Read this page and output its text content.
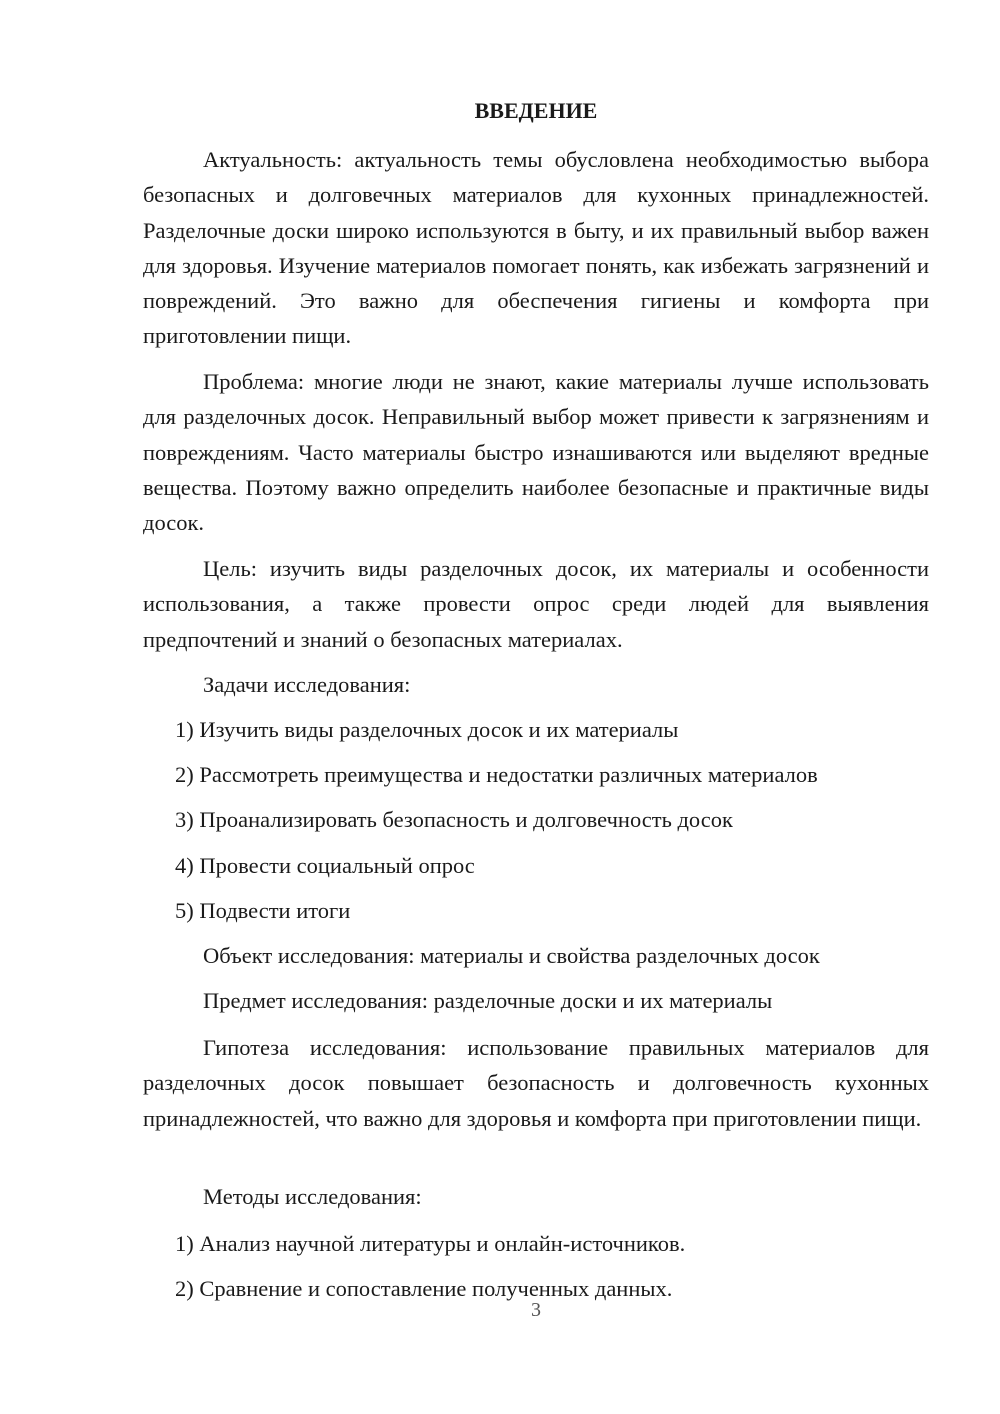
ВВЕДЕНИЕ

Актуальность: актуальность темы обусловлена необходимостью выбора безопасных и долговечных материалов для кухонных принадлежностей. Разделочные доски широко используются в быту, и их правильный выбор важен для здоровья. Изучение материалов помогает понять, как избежать загрязнений и повреждений. Это важно для обеспечения гигиены и комфорта при приготовлении пищи.

Проблема: многие люди не знают, какие материалы лучше использовать для разделочных досок. Неправильный выбор может привести к загрязнениям и повреждениям. Часто материалы быстро изнашиваются или выделяют вредные вещества. Поэтому важно определить наиболее безопасные и практичные виды досок.

Цель: изучить виды разделочных досок, их материалы и особенности использования, а также провести опрос среди людей для выявления предпочтений и знаний о безопасных материалах.

Задачи исследования:

1) Изучить виды разделочных досок и их материалы

2) Рассмотреть преимущества и недостатки различных материалов

3) Проанализировать безопасность и долговечность досок

4) Провести социальный опрос

5) Подвести итоги

Объект исследования: материалы и свойства разделочных досок

Предмет исследования: разделочные доски и их материалы

Гипотеза исследования: использование правильных материалов для разделочных досок повышает безопасность и долговечность кухонных принадлежностей, что важно для здоровья и комфорта при приготовлении пищи.

Методы исследования:

1) Анализ научной литературы и онлайн-источников.

2) Сравнение и сопоставление полученных данных.

3
